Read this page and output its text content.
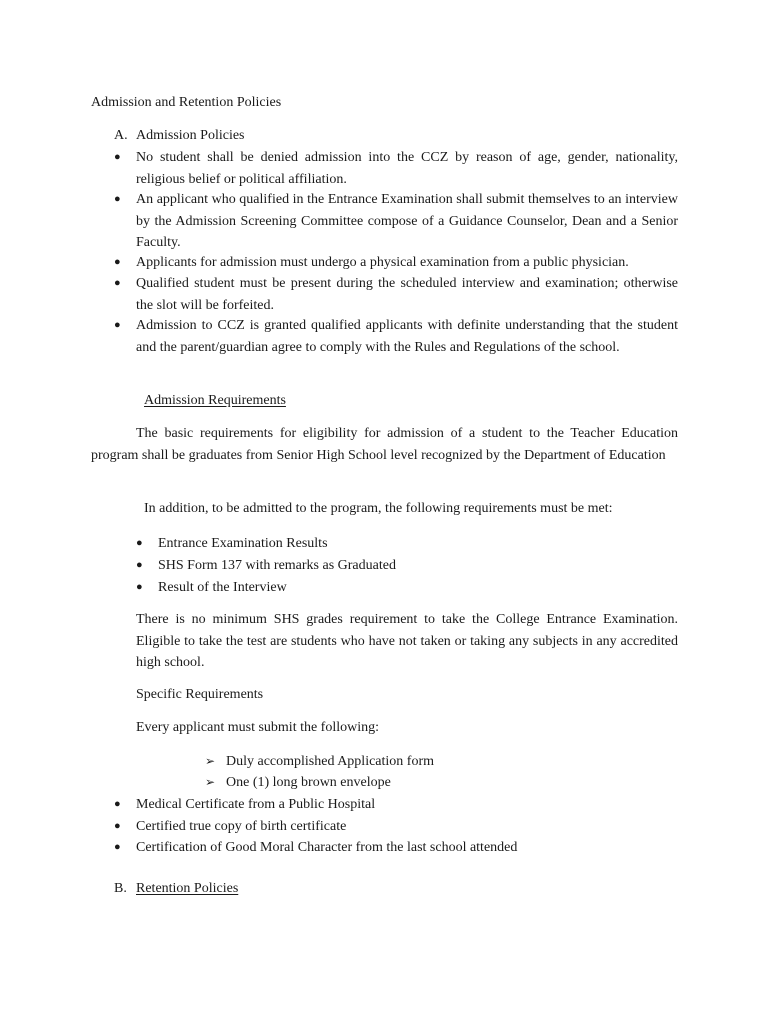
Admission and Retention Policies
A. Admission Policies
● No student shall be denied admission into the CCZ by reason of age, gender, nationality, religious belief or political affiliation.
● An applicant who qualified in the Entrance Examination shall submit themselves to an interview by the Admission Screening Committee compose of a Guidance Counselor, Dean and a Senior Faculty.
● Applicants for admission must undergo a physical examination from a public physician.
● Qualified student must be present during the scheduled interview and examination; otherwise the slot will be forfeited.
● Admission to CCZ is granted qualified applicants with definite understanding that the student and the parent/guardian agree to comply with the Rules and Regulations of the school.
Admission Requirements
The basic requirements for eligibility for admission of a student to the Teacher Education program shall be graduates from Senior High School level recognized by the Department of Education
In addition, to be admitted to the program, the following requirements must be met:
● Entrance Examination Results
● SHS Form 137 with remarks as Graduated
● Result of the Interview
There is no minimum SHS grades requirement to take the College Entrance Examination. Eligible to take the test are students who have not taken or taking any subjects in any accredited high school.
Specific Requirements
Every applicant must submit the following:
➢ Duly accomplished Application form
➢ One (1) long brown envelope
● Medical Certificate from a Public Hospital
● Certified true copy of birth certificate
● Certification of Good Moral Character from the last school attended
B. Retention Policies
